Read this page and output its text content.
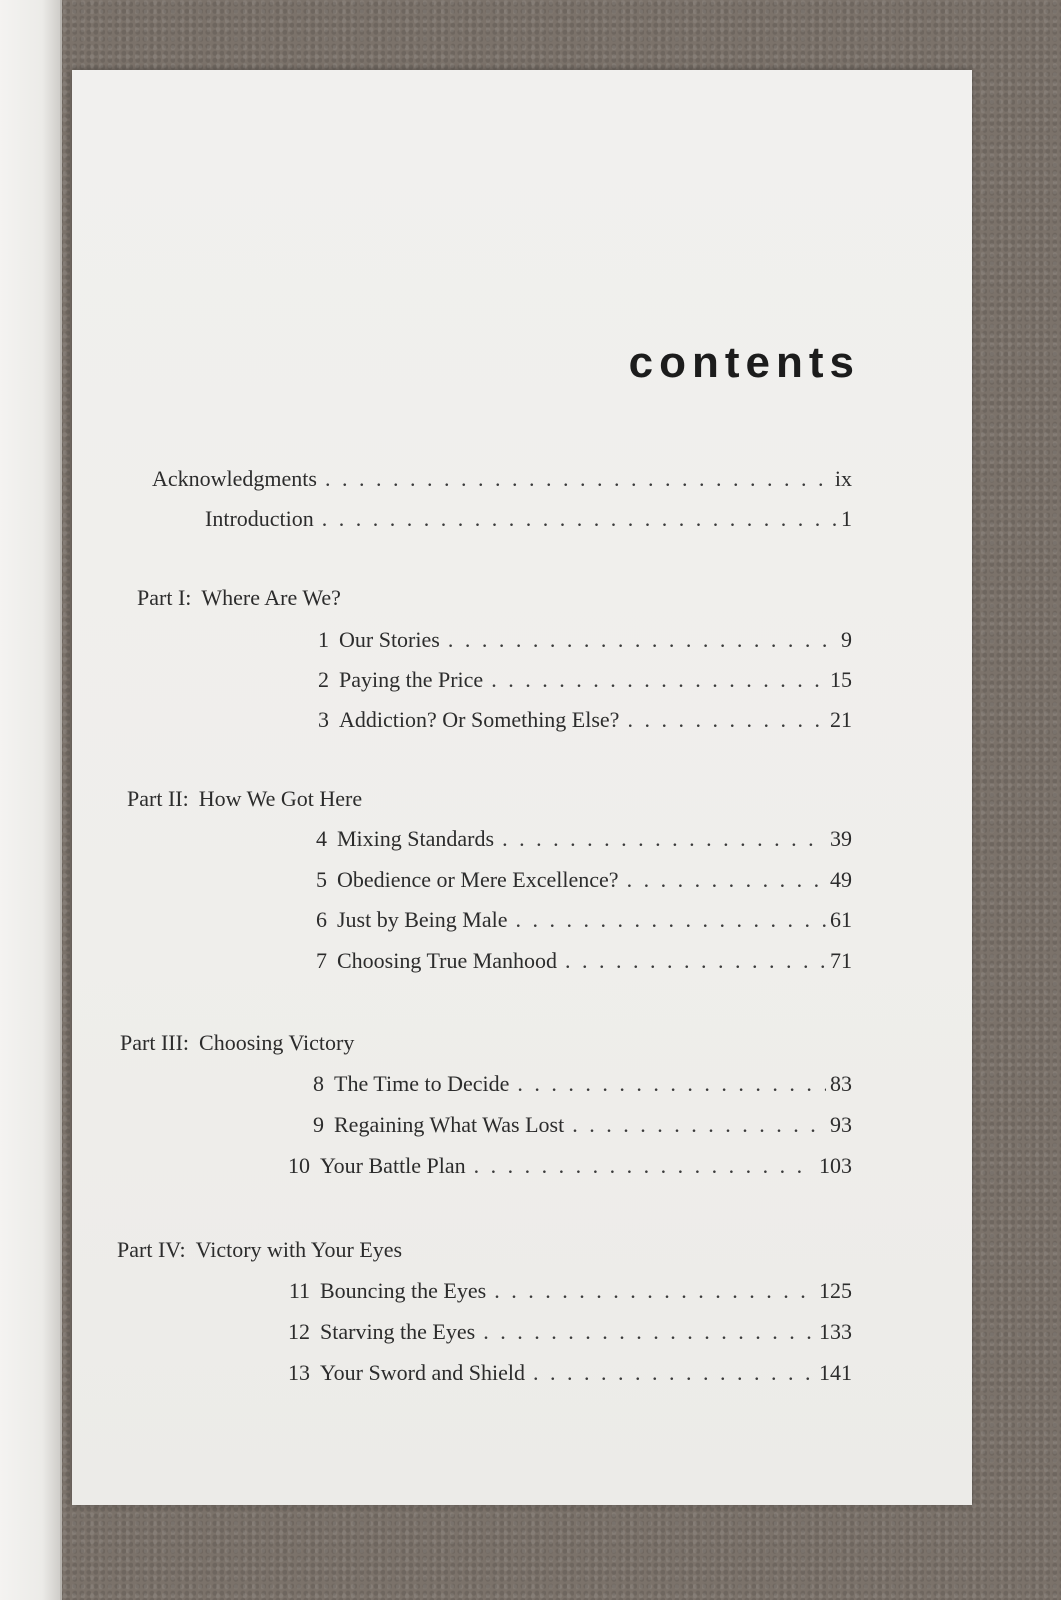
contents
Acknowledgments . . .	ix
Introduction . . .	1
Part I: Where Are We?
1 Our Stories . . .	9
2 Paying the Price . . .	15
3 Addiction? Or Something Else? . . .	21
Part II: How We Got Here
4 Mixing Standards . . .	39
5 Obedience or Mere Excellence? . . .	49
6 Just by Being Male . . .	61
7 Choosing True Manhood . . .	71
Part III: Choosing Victory
8 The Time to Decide . . .	83
9 Regaining What Was Lost . . .	93
10 Your Battle Plan . . .	103
Part IV: Victory with Your Eyes
11 Bouncing the Eyes . . .	125
12 Starving the Eyes . . .	133
13 Your Sword and Shield . . .	141
